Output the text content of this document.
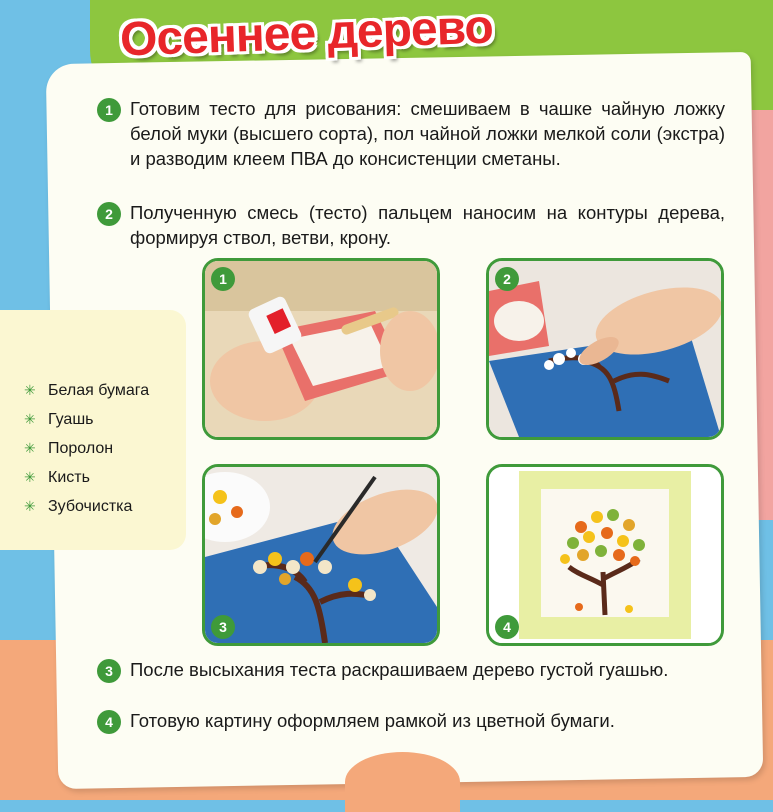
Осеннее дерево
1 Готовим тесто для рисования: смешиваем в чашке чайную ложку белой муки (высшего сорта), пол чайной ложки мелкой соли (экстра) и разводим клеем ПВА до консистенции сметаны.
2 Полученную смесь (тесто) пальцем наносим на контуры дерева, формируя ствол, ветви, крону.
✳ Белая бумага
✳ Гуашь
✳ Поролон
✳ Кисть
✳ Зубочистка
1	2
3	4
3 После высыхания теста раскрашиваем дерево густой гуашью.
4 Готовую картину оформляем рамкой из цветной бумаги.
